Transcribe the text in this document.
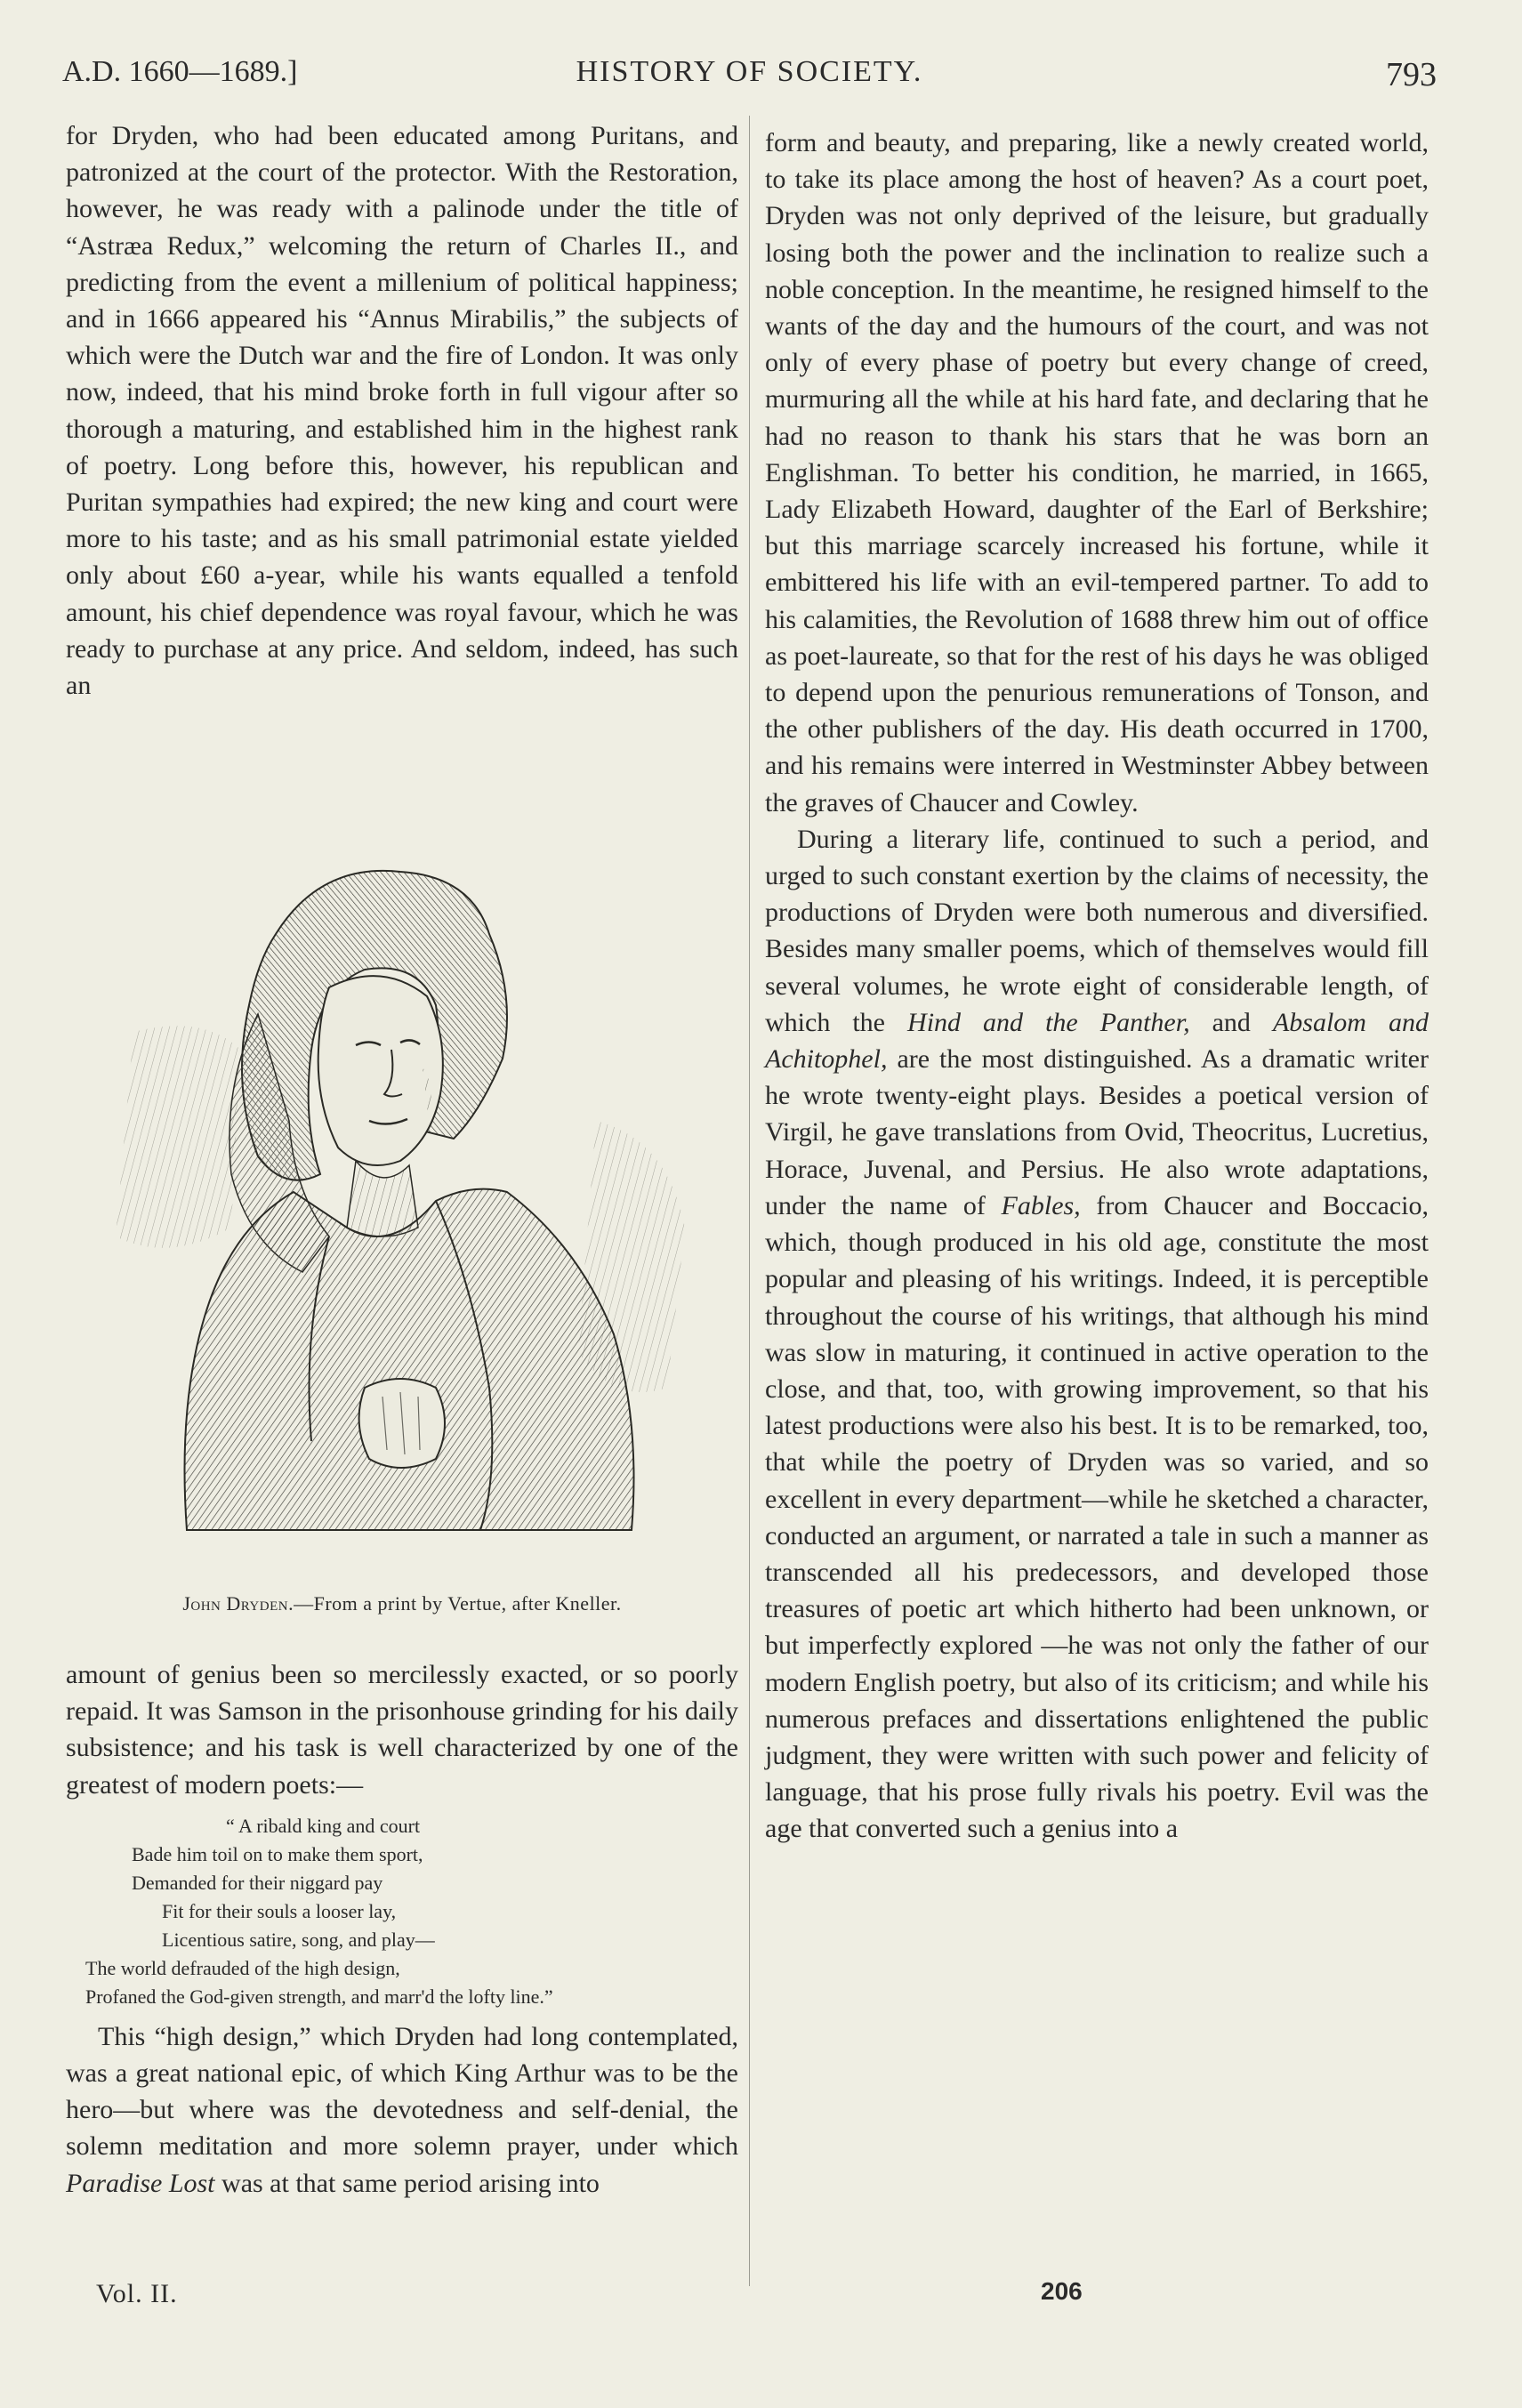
A.D. 1660—1689.]	HISTORY OF SOCIETY.	793

for Dryden, who had been educated among Puritans, and patronized at the court of the protector. With the Restoration, however, he was ready with a palinode under the title of “Astræa Redux,” welcoming the return of Charles II., and predicting from the event a millenium of political happiness; and in 1666 appeared his “Annus Mirabilis,” the subjects of which were the Dutch war and the fire of London. It was only now, indeed, that his mind broke forth in full vigour after so thorough a maturing, and established him in the highest rank of poetry. Long before this, however, his republican and Puritan sympathies had expired; the new king and court were more to his taste; and as his small patrimonial estate yielded only about £60 a-year, while his wants equalled a tenfold amount, his chief dependence was royal favour, which he was ready to purchase at any price. And seldom, indeed, has such an

John Dryden.—From a print by Vertue, after Kneller.

amount of genius been so mercilessly exacted, or so poorly repaid. It was Samson in the prisonhouse grinding for his daily subsistence; and his task is well characterized by one of the greatest of modern poets:—

“ A ribald king and court
Bade him toil on to make them sport,
Demanded for their niggard pay
Fit for their souls a looser lay,
Licentious satire, song, and play—
The world defrauded of the high design,
Profaned the God-given strength, and marr'd the lofty line.”

This “high design,” which Dryden had long contemplated, was a great national epic, of which King Arthur was to be the hero—but where was the devotedness and self-denial, the solemn meditation and more solemn prayer, under which Paradise Lost was at that same period arising into

form and beauty, and preparing, like a newly created world, to take its place among the host of heaven? As a court poet, Dryden was not only deprived of the leisure, but gradually losing both the power and the inclination to realize such a noble conception. In the meantime, he resigned himself to the wants of the day and the humours of the court, and was not only of every phase of poetry but every change of creed, murmuring all the while at his hard fate, and declaring that he had no reason to thank his stars that he was born an Englishman. To better his condition, he married, in 1665, Lady Elizabeth Howard, daughter of the Earl of Berkshire; but this marriage scarcely increased his fortune, while it embittered his life with an evil-tempered partner. To add to his calamities, the Revolution of 1688 threw him out of office as poet-laureate, so that for the rest of his days he was obliged to depend upon the penurious remunerations of Tonson, and the other publishers of the day. His death occurred in 1700, and his remains were interred in Westminster Abbey between the graves of Chaucer and Cowley.

During a literary life, continued to such a period, and urged to such constant exertion by the claims of necessity, the productions of Dryden were both numerous and diversified. Besides many smaller poems, which of themselves would fill several volumes, he wrote eight of considerable length, of which the Hind and the Panther, and Absalom and Achitophel, are the most distinguished. As a dramatic writer he wrote twenty-eight plays. Besides a poetical version of Virgil, he gave translations from Ovid, Theocritus, Lucretius, Horace, Juvenal, and Persius. He also wrote adaptations, under the name of Fables, from Chaucer and Boccacio, which, though produced in his old age, constitute the most popular and pleasing of his writings. Indeed, it is perceptible throughout the course of his writings, that although his mind was slow in maturing, it continued in active operation to the close, and that, too, with growing improvement, so that his latest productions were also his best. It is to be remarked, too, that while the poetry of Dryden was so varied, and so excellent in every department—while he sketched a character, conducted an argument, or narrated a tale in such a manner as transcended all his predecessors, and developed those treasures of poetic art which hitherto had been unknown, or but imperfectly explored —he was not only the father of our modern English poetry, but also of its criticism; and while his numerous prefaces and dissertations enlightened the public judgment, they were written with such power and felicity of language, that his prose fully rivals his poetry. Evil was the age that converted such a genius into a

Vol. II.	206
